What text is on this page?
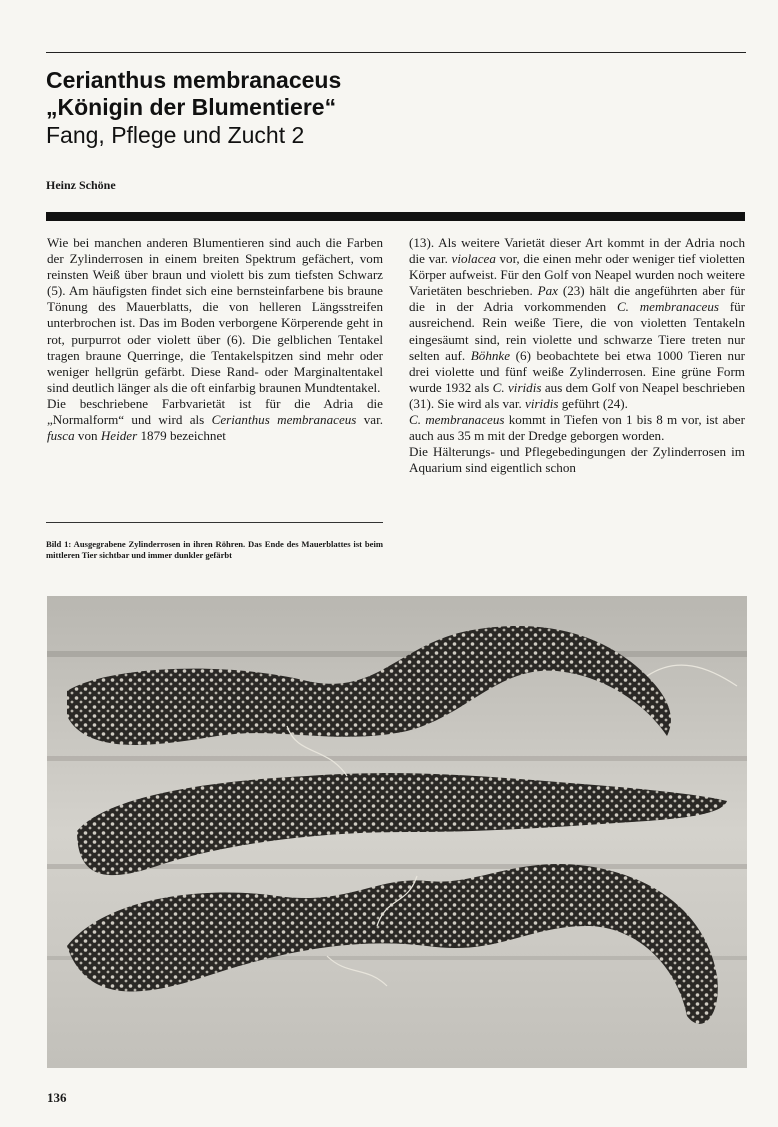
Cerianthus membranaceus
„Königin der Blumentiere“
Fang, Pflege und Zucht 2
Heinz Schöne

Wie bei manchen anderen Blumentieren sind auch die Farben der Zylinderrosen in einem breiten Spektrum gefächert, vom reinsten Weiß über braun und violett bis zum tiefsten Schwarz (5). Am häufigsten findet sich eine bernsteinfarbene bis braune Tönung des Mauerblatts, die von helleren Längsstreifen unterbrochen ist. Das im Boden verborgene Körperende geht in rot, purpurrot oder violett über (6). Die gelblichen Tentakel tragen braune Querringe, die Tentakelspitzen sind mehr oder weniger hellgrün gefärbt. Diese Rand- oder Marginaltentakel sind deutlich länger als die oft einfarbig braunen Mundtentakel.

Die beschriebene Farbvarietät ist für die Adria die „Normalform“ und wird als Cerianthus membranaceus var. fusca von Heider 1879 bezeichnet

Bild 1: Ausgegrabene Zylinderrosen in ihren Röhren. Das Ende des Mauerblattes ist beim mittleren Tier sichtbar und immer dunkler gefärbt

(13). Als weitere Varietät dieser Art kommt in der Adria noch die var. violacea vor, die einen mehr oder weniger tief violetten Körper aufweist. Für den Golf von Neapel wurden noch weitere Varietäten beschrieben. Pax (23) hält die angeführten aber für die in der Adria vorkommenden C. membranaceus für ausreichend. Rein weiße Tiere, die von violetten Tentakeln eingesäumt sind, rein violette und schwarze Tiere treten nur selten auf. Böhnke (6) beobachtete bei etwa 1000 Tieren nur drei violette und fünf weiße Zylinderrosen. Eine grüne Form wurde 1932 als C. viridis aus dem Golf von Neapel beschrieben (31). Sie wird als var. viridis geführt (24).

C. membranaceus kommt in Tiefen von 1 bis 8 m vor, ist aber auch aus 35 m mit der Dredge geborgen worden.

Die Hälterungs- und Pflegebedingungen der Zylinderrosen im Aquarium sind eigentlich schon

136
